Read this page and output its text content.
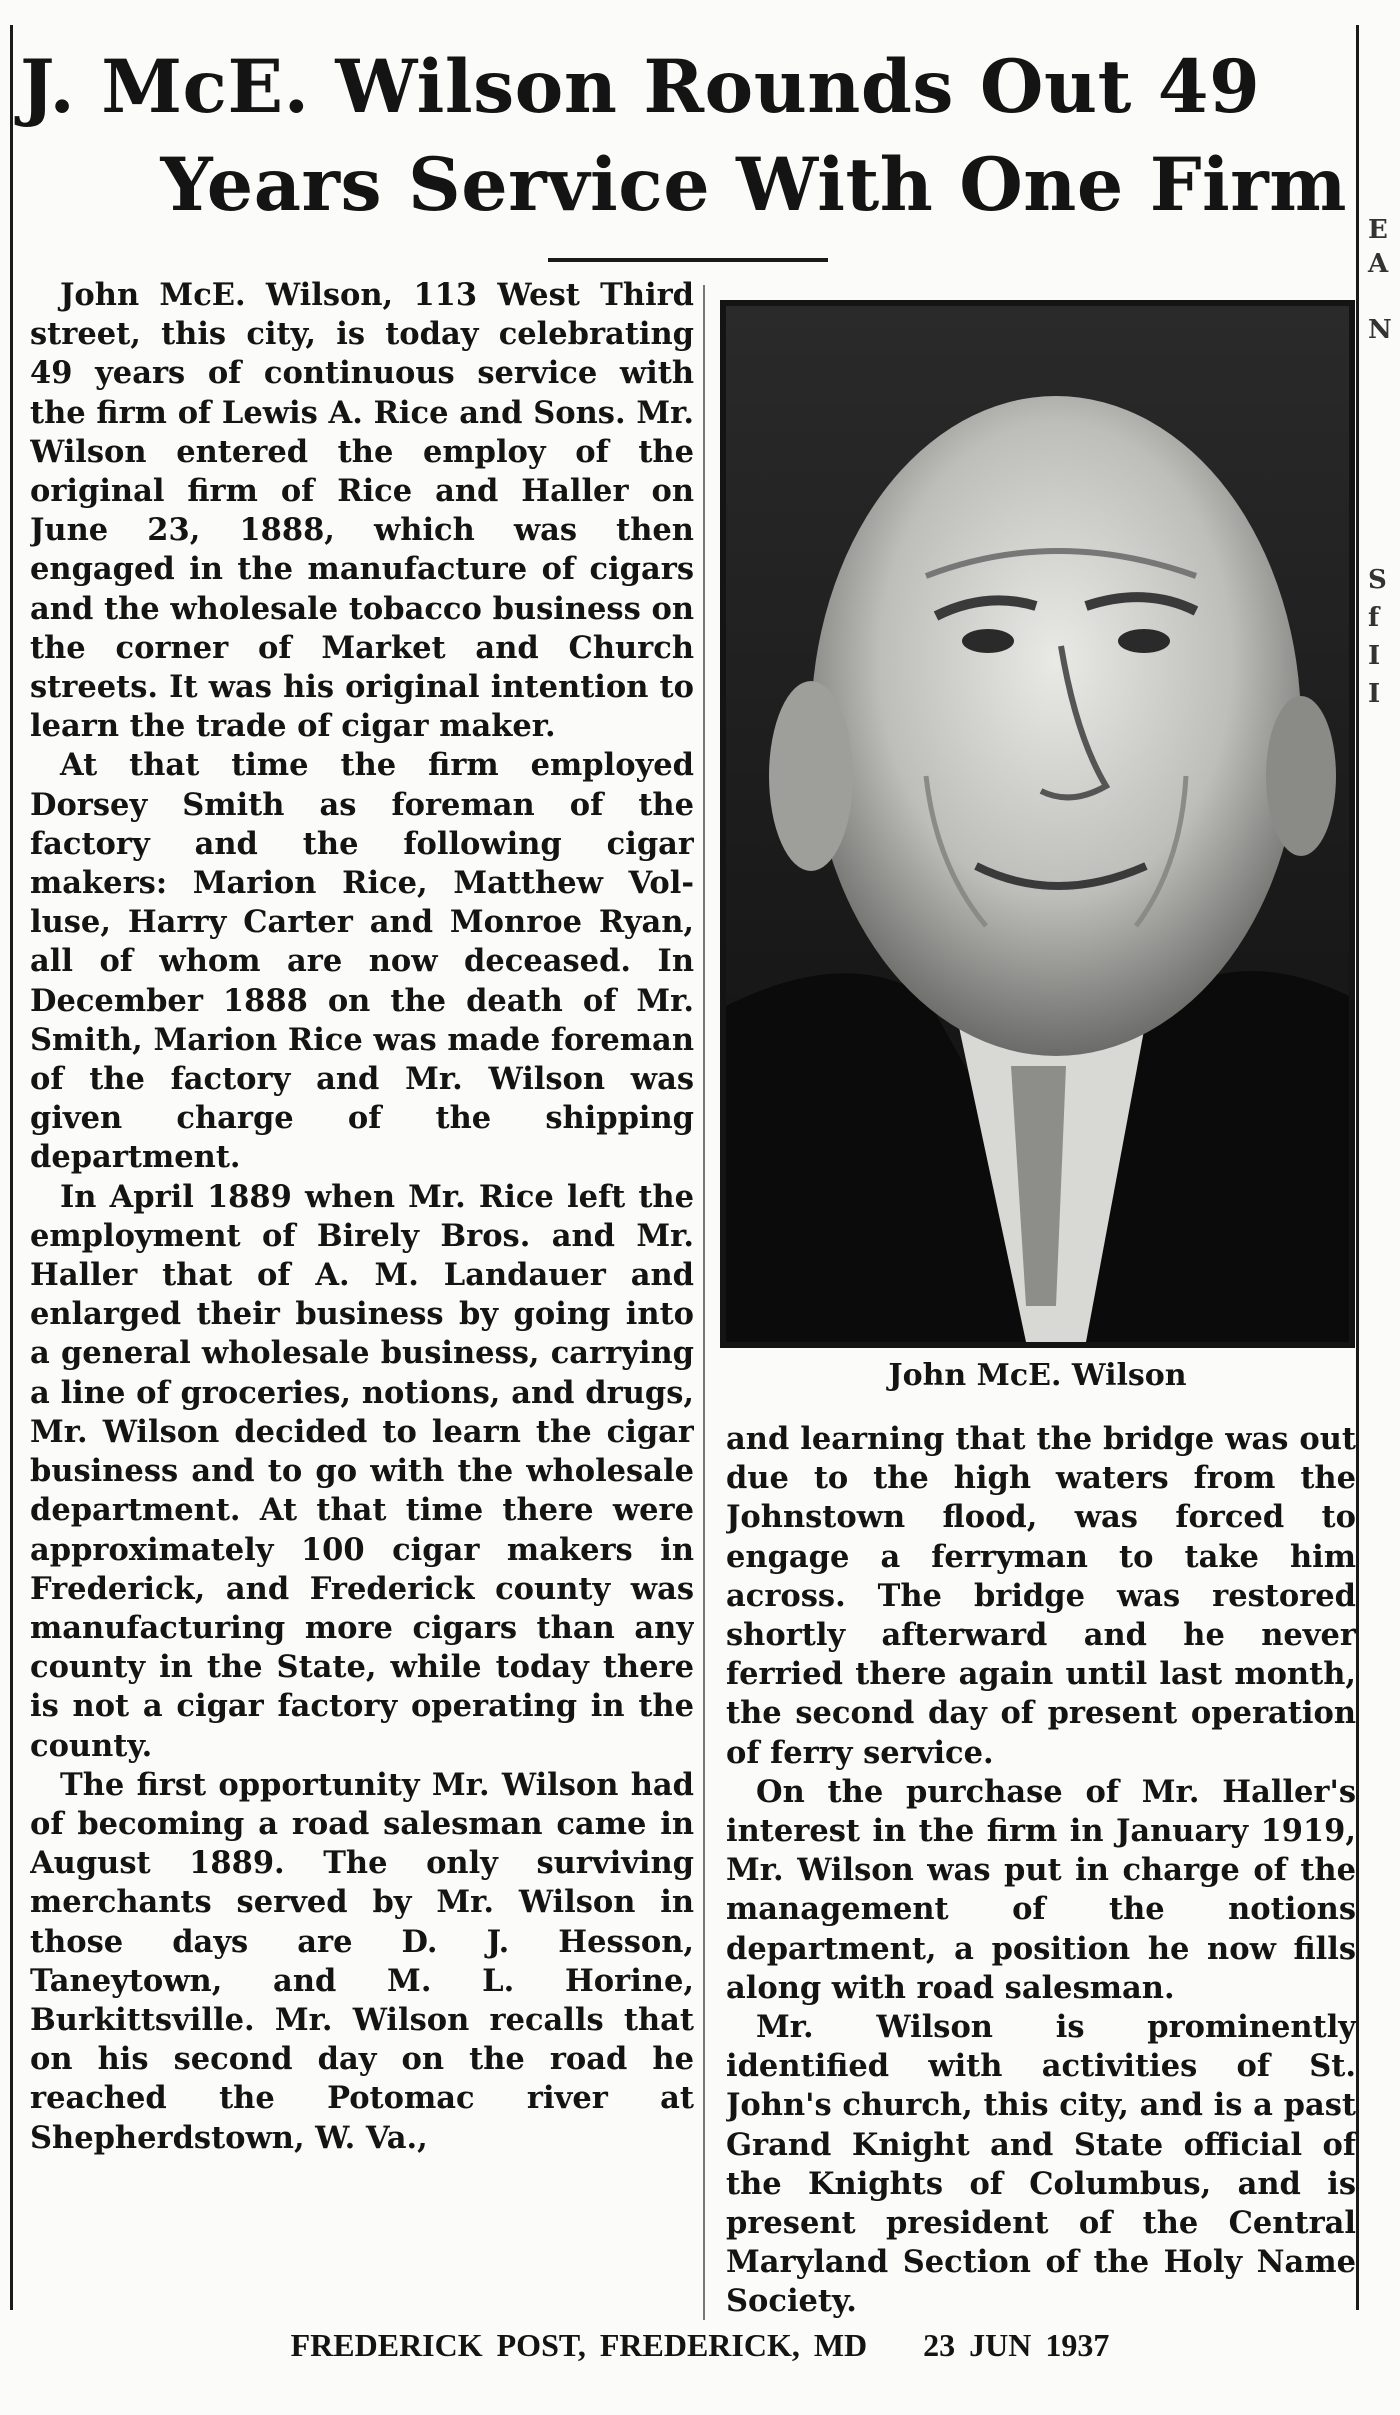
J. McE. Wilson Rounds Out 49
Years Service With One Firm

John McE. Wilson, 113 West Third street, this city, is today celebrating 49 years of continuous service with the firm of Lewis A. Rice and Sons. Mr. Wilson entered the employ of the original firm of Rice and Haller on June 23, 1888, which was then engaged in the manufacture of cigars and the wholesale tobacco business on the corner of Market and Church streets. It was his original intention to learn the trade of cigar maker.

At that time the firm employed Dorsey Smith as foreman of the factory and the following cigar makers: Marion Rice, Matthew Volluse, Harry Carter and Monroe Ryan, all of whom are now deceased. In December 1888 on the death of Mr. Smith, Marion Rice was made foreman of the factory and Mr. Wilson was given charge of the shipping department.

In April 1889 when Mr. Rice left the employment of Birely Bros. and Mr. Haller that of A. M. Landauer and enlarged their business by going into a general wholesale business, carrying a line of groceries, notions, and drugs, Mr. Wilson decided to learn the cigar business and to go with the wholesale department. At that time there were approximately 100 cigar makers in Frederick, and Frederick county was manufacturing more cigars than any county in the State, while today there is not a cigar factory operating in the county.

The first opportunity Mr. Wilson had of becoming a road salesman came in August 1889. The only surviving merchants served by Mr. Wilson in those days are D. J. Hesson, Taneytown, and M. L. Horine, Burkittsville. Mr. Wilson recalls that on his second day on the road he reached the Potomac river at Shepherdstown, W. Va.,

John McE. Wilson

and learning that the bridge was out due to the high waters from the Johnstown flood, was forced to engage a ferryman to take him across. The bridge was restored shortly afterward and he never ferried there again until last month, the second day of present operation of ferry service.

On the purchase of Mr. Haller's interest in the firm in January 1919, Mr. Wilson was put in charge of the management of the notions department, a position he now fills along with road salesman.

Mr. Wilson is prominently identified with activities of St. John's church, this city, and is a past Grand Knight and State official of the Knights of Columbus, and is present president of the Central Maryland Section of the Holy Name Society.

E
A
N
S
f
I
I
FREDERICK POST, FREDERICK, MD    23 JUN 1937
